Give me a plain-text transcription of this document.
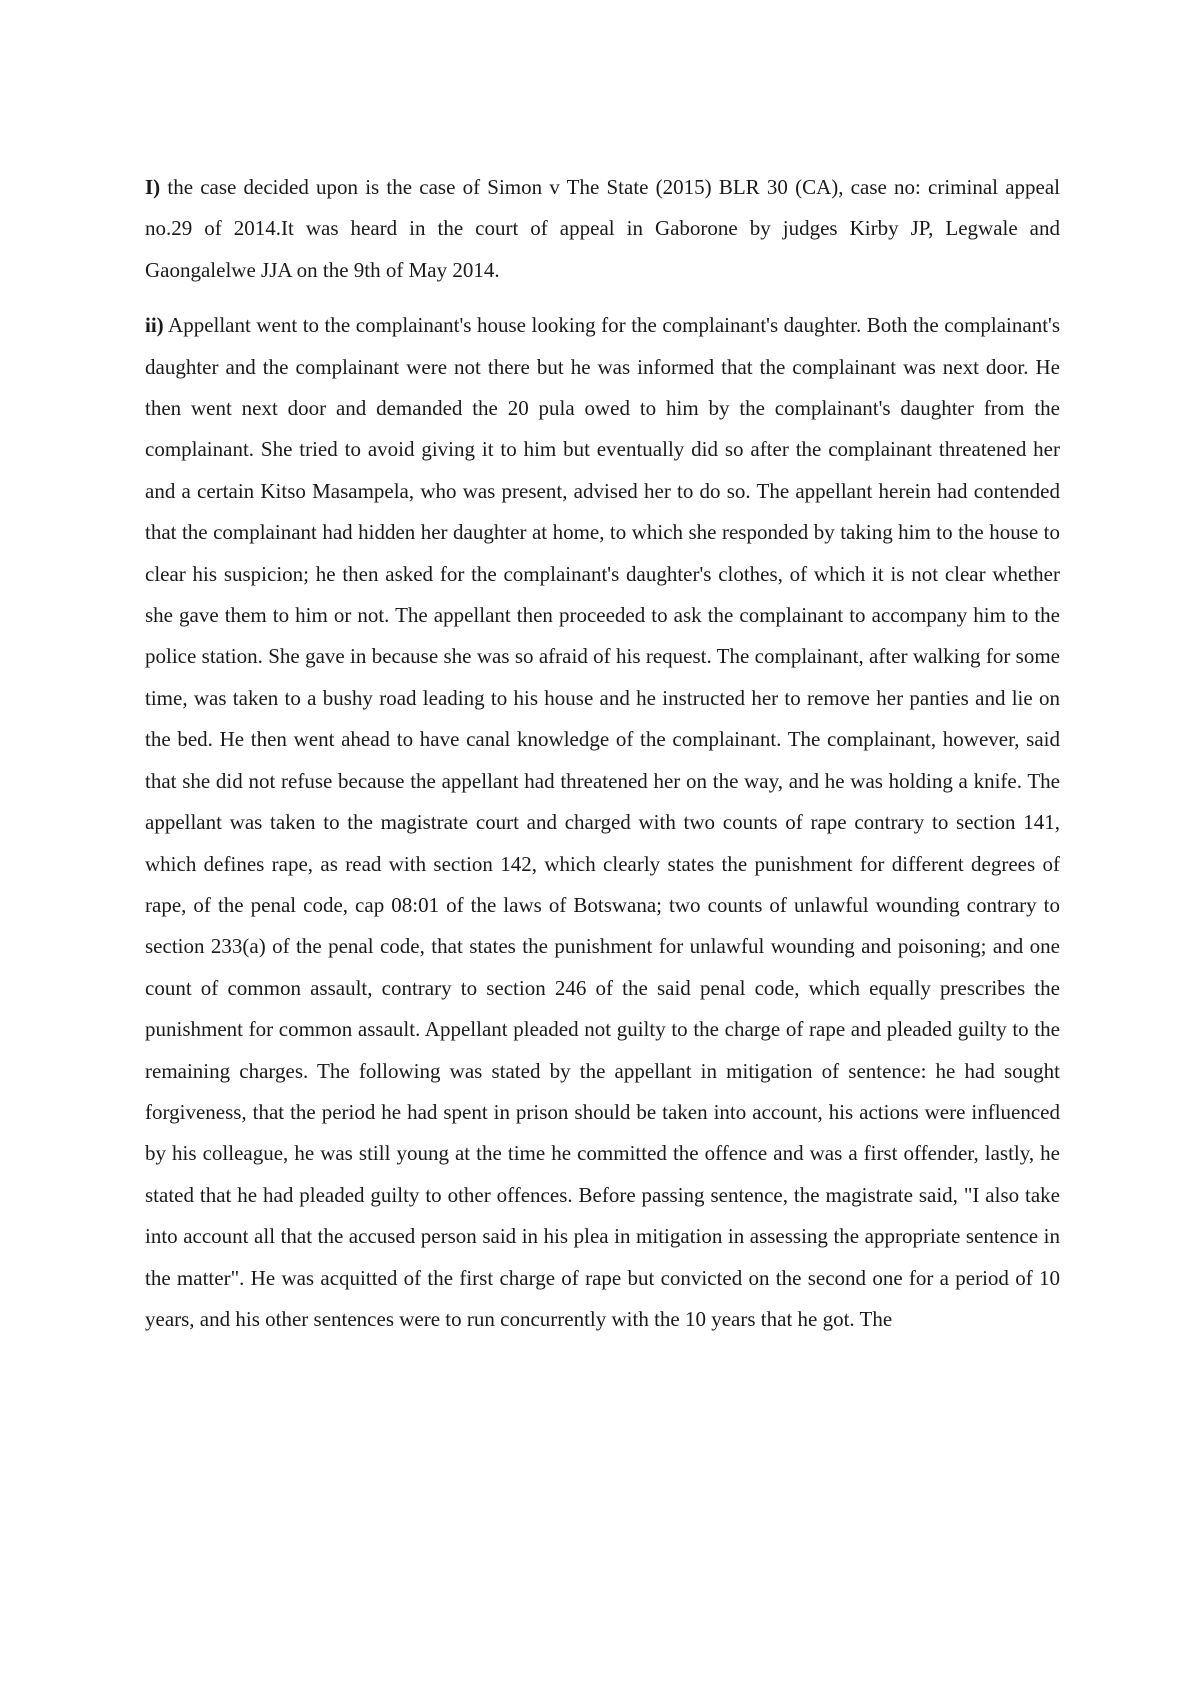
I) the case decided upon is the case of Simon v The State (2015) BLR 30 (CA), case no: criminal appeal no.29 of 2014.It was heard in the court of appeal in Gaborone by judges Kirby JP, Legwale and Gaongalelwe JJA on the 9th of May 2014.

ii) Appellant went to the complainant's house looking for the complainant's daughter. Both the complainant's daughter and the complainant were not there but he was informed that the complainant was next door. He then went next door and demanded the 20 pula owed to him by the complainant's daughter from the complainant. She tried to avoid giving it to him but eventually did so after the complainant threatened her and a certain Kitso Masampela, who was present, advised her to do so. The appellant herein had contended that the complainant had hidden her daughter at home, to which she responded by taking him to the house to clear his suspicion; he then asked for the complainant's daughter's clothes, of which it is not clear whether she gave them to him or not. The appellant then proceeded to ask the complainant to accompany him to the police station. She gave in because she was so afraid of his request. The complainant, after walking for some time, was taken to a bushy road leading to his house and he instructed her to remove her panties and lie on the bed. He then went ahead to have canal knowledge of the complainant. The complainant, however, said that she did not refuse because the appellant had threatened her on the way, and he was holding a knife. The appellant was taken to the magistrate court and charged with two counts of rape contrary to section 141, which defines rape, as read with section 142, which clearly states the punishment for different degrees of rape, of the penal code, cap 08:01 of the laws of Botswana; two counts of unlawful wounding contrary to section 233(a) of the penal code, that states the punishment for unlawful wounding and poisoning; and one count of common assault, contrary to section 246 of the said penal code, which equally prescribes the punishment for common assault. Appellant pleaded not guilty to the charge of rape and pleaded guilty to the remaining charges. The following was stated by the appellant in mitigation of sentence: he had sought forgiveness, that the period he had spent in prison should be taken into account, his actions were influenced by his colleague, he was still young at the time he committed the offence and was a first offender, lastly, he stated that he had pleaded guilty to other offences. Before passing sentence, the magistrate said, "I also take into account all that the accused person said in his plea in mitigation in assessing the appropriate sentence in the matter". He was acquitted of the first charge of rape but convicted on the second one for a period of 10 years, and his other sentences were to run concurrently with the 10 years that he got. The
